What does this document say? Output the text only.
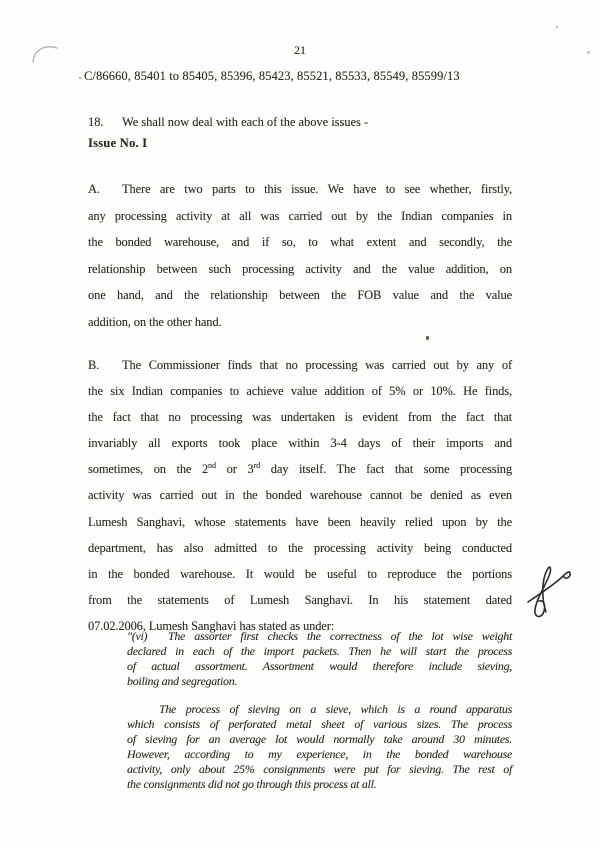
21
C/86660, 85401 to 85405, 85396, 85423, 85521, 85533, 85549, 85599/13
18. We shall now deal with each of the above issues -
Issue No. I
A. There are two parts to this issue. We have to see whether, firstly,
any processing activity at all was carried out by the Indian companies in
the bonded warehouse, and if so, to what extent and secondly, the
relationship between such processing activity and the value addition, on
one hand, and the relationship between the FOB value and the value
addition, on the other hand.
B. The Commissioner finds that no processing was carried out by any of
the six Indian companies to achieve value addition of 5% or 10%. He finds,
the fact that no processing was undertaken is evident from the fact that
invariably all exports took place within 3-4 days of their imports and
sometimes, on the 2nd or 3rd day itself. The fact that some processing
activity was carried out in the bonded warehouse cannot be denied as even
Lumesh Sanghavi, whose statements have been heavily relied upon by the
department, has also admitted to the processing activity being conducted
in the bonded warehouse. It would be useful to reproduce the portions
from the statements of Lumesh Sanghavi. In his statement dated
07.02.2006, Lumesh Sanghavi has stated as under:
"(vi) The assorter first checks the correctness of the lot wise weight
declared in each of the import packets. Then he will start the process
of actual assortment. Assortment would therefore include sieving,
boiling and segregation.
The process of sieving on a sieve, which is a round apparatus
which consists of perforated metal sheet of various sizes. The process
of sieving for an average lot would normally take around 30 minutes.
However, according to my experience, in the bonded warehouse
activity, only about 25% consignments were put for sieving. The rest of
the consignments did not go through this process at all.
